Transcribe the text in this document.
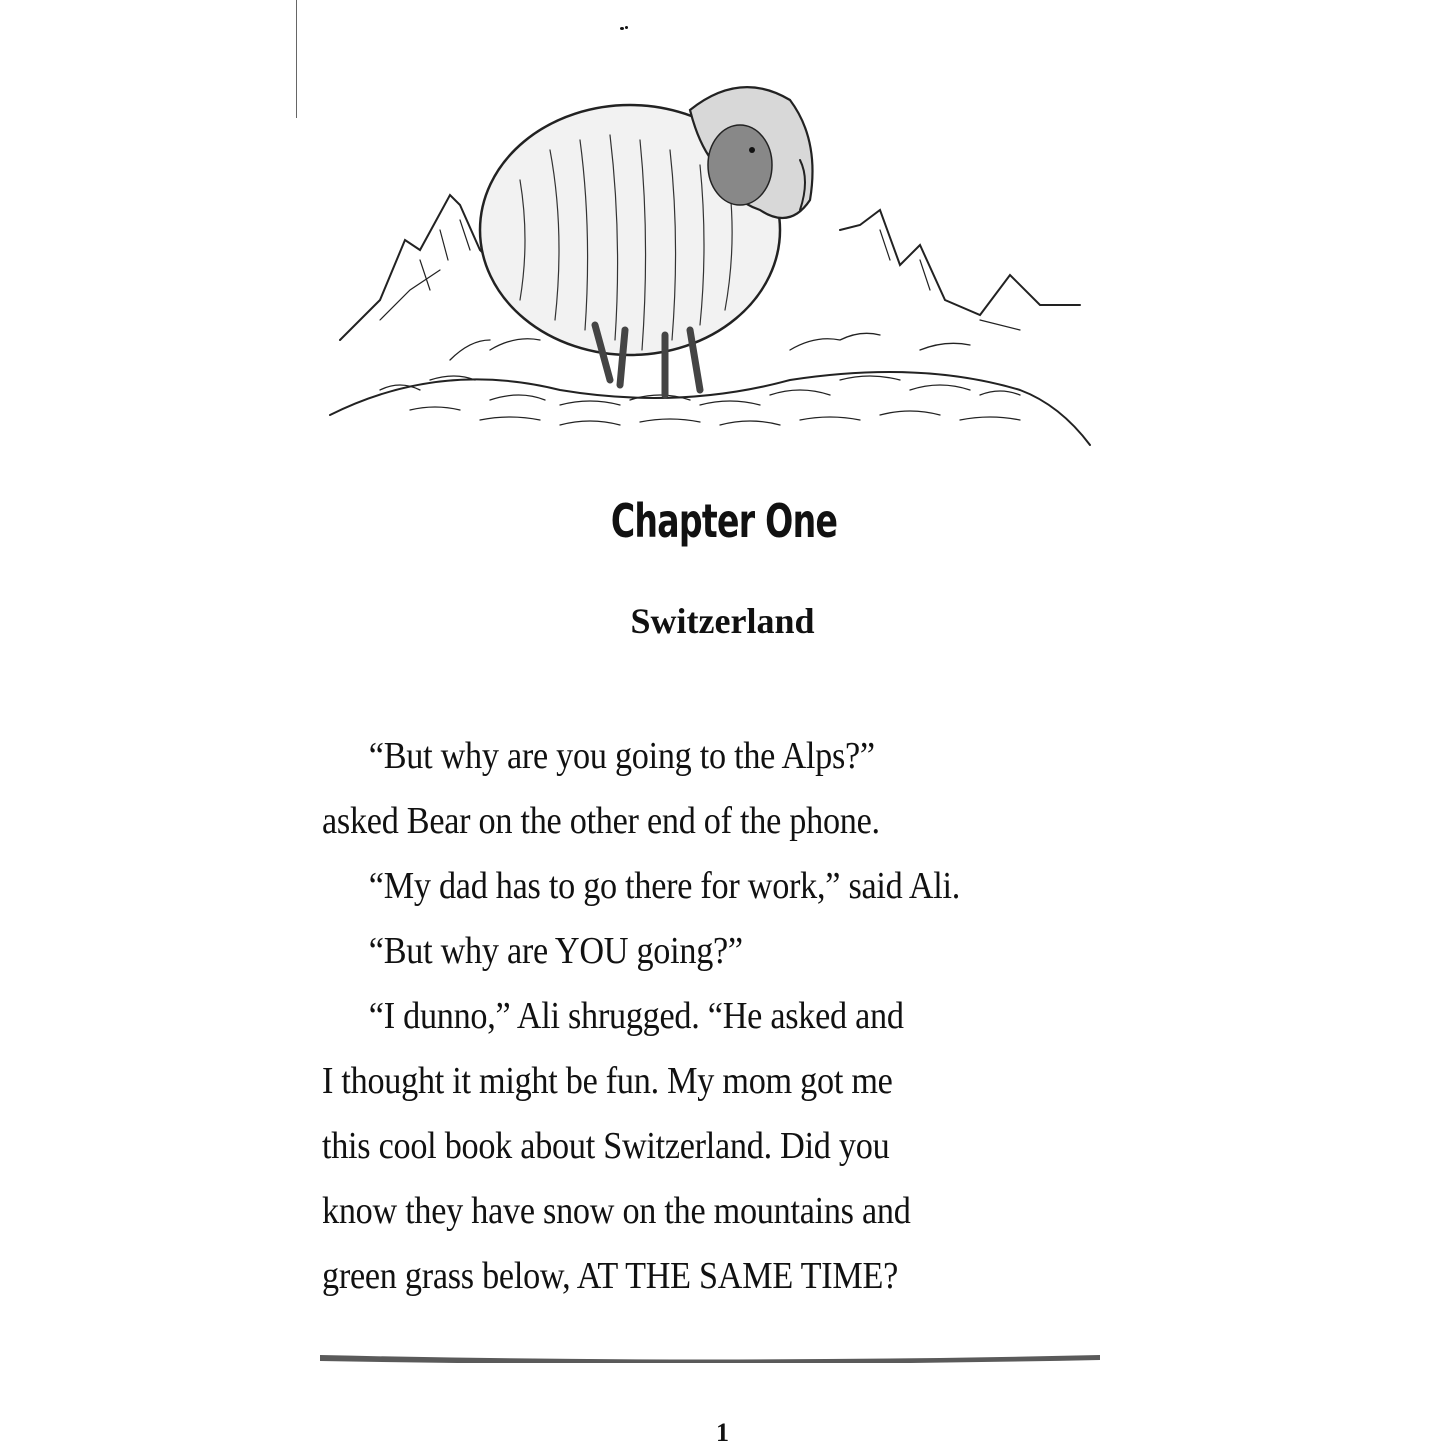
Chapter One
Switzerland
“But why are you going to the Alps?”
asked Bear on the other end of the phone.
“My dad has to go there for work,” said Ali.
“But why are YOU going?”
“I dunno,” Ali shrugged. “He asked and
I thought it might be fun. My mom got me
this cool book about Switzerland. Did you
know they have snow on the mountains and
green grass below, AT THE SAME TIME?
1
